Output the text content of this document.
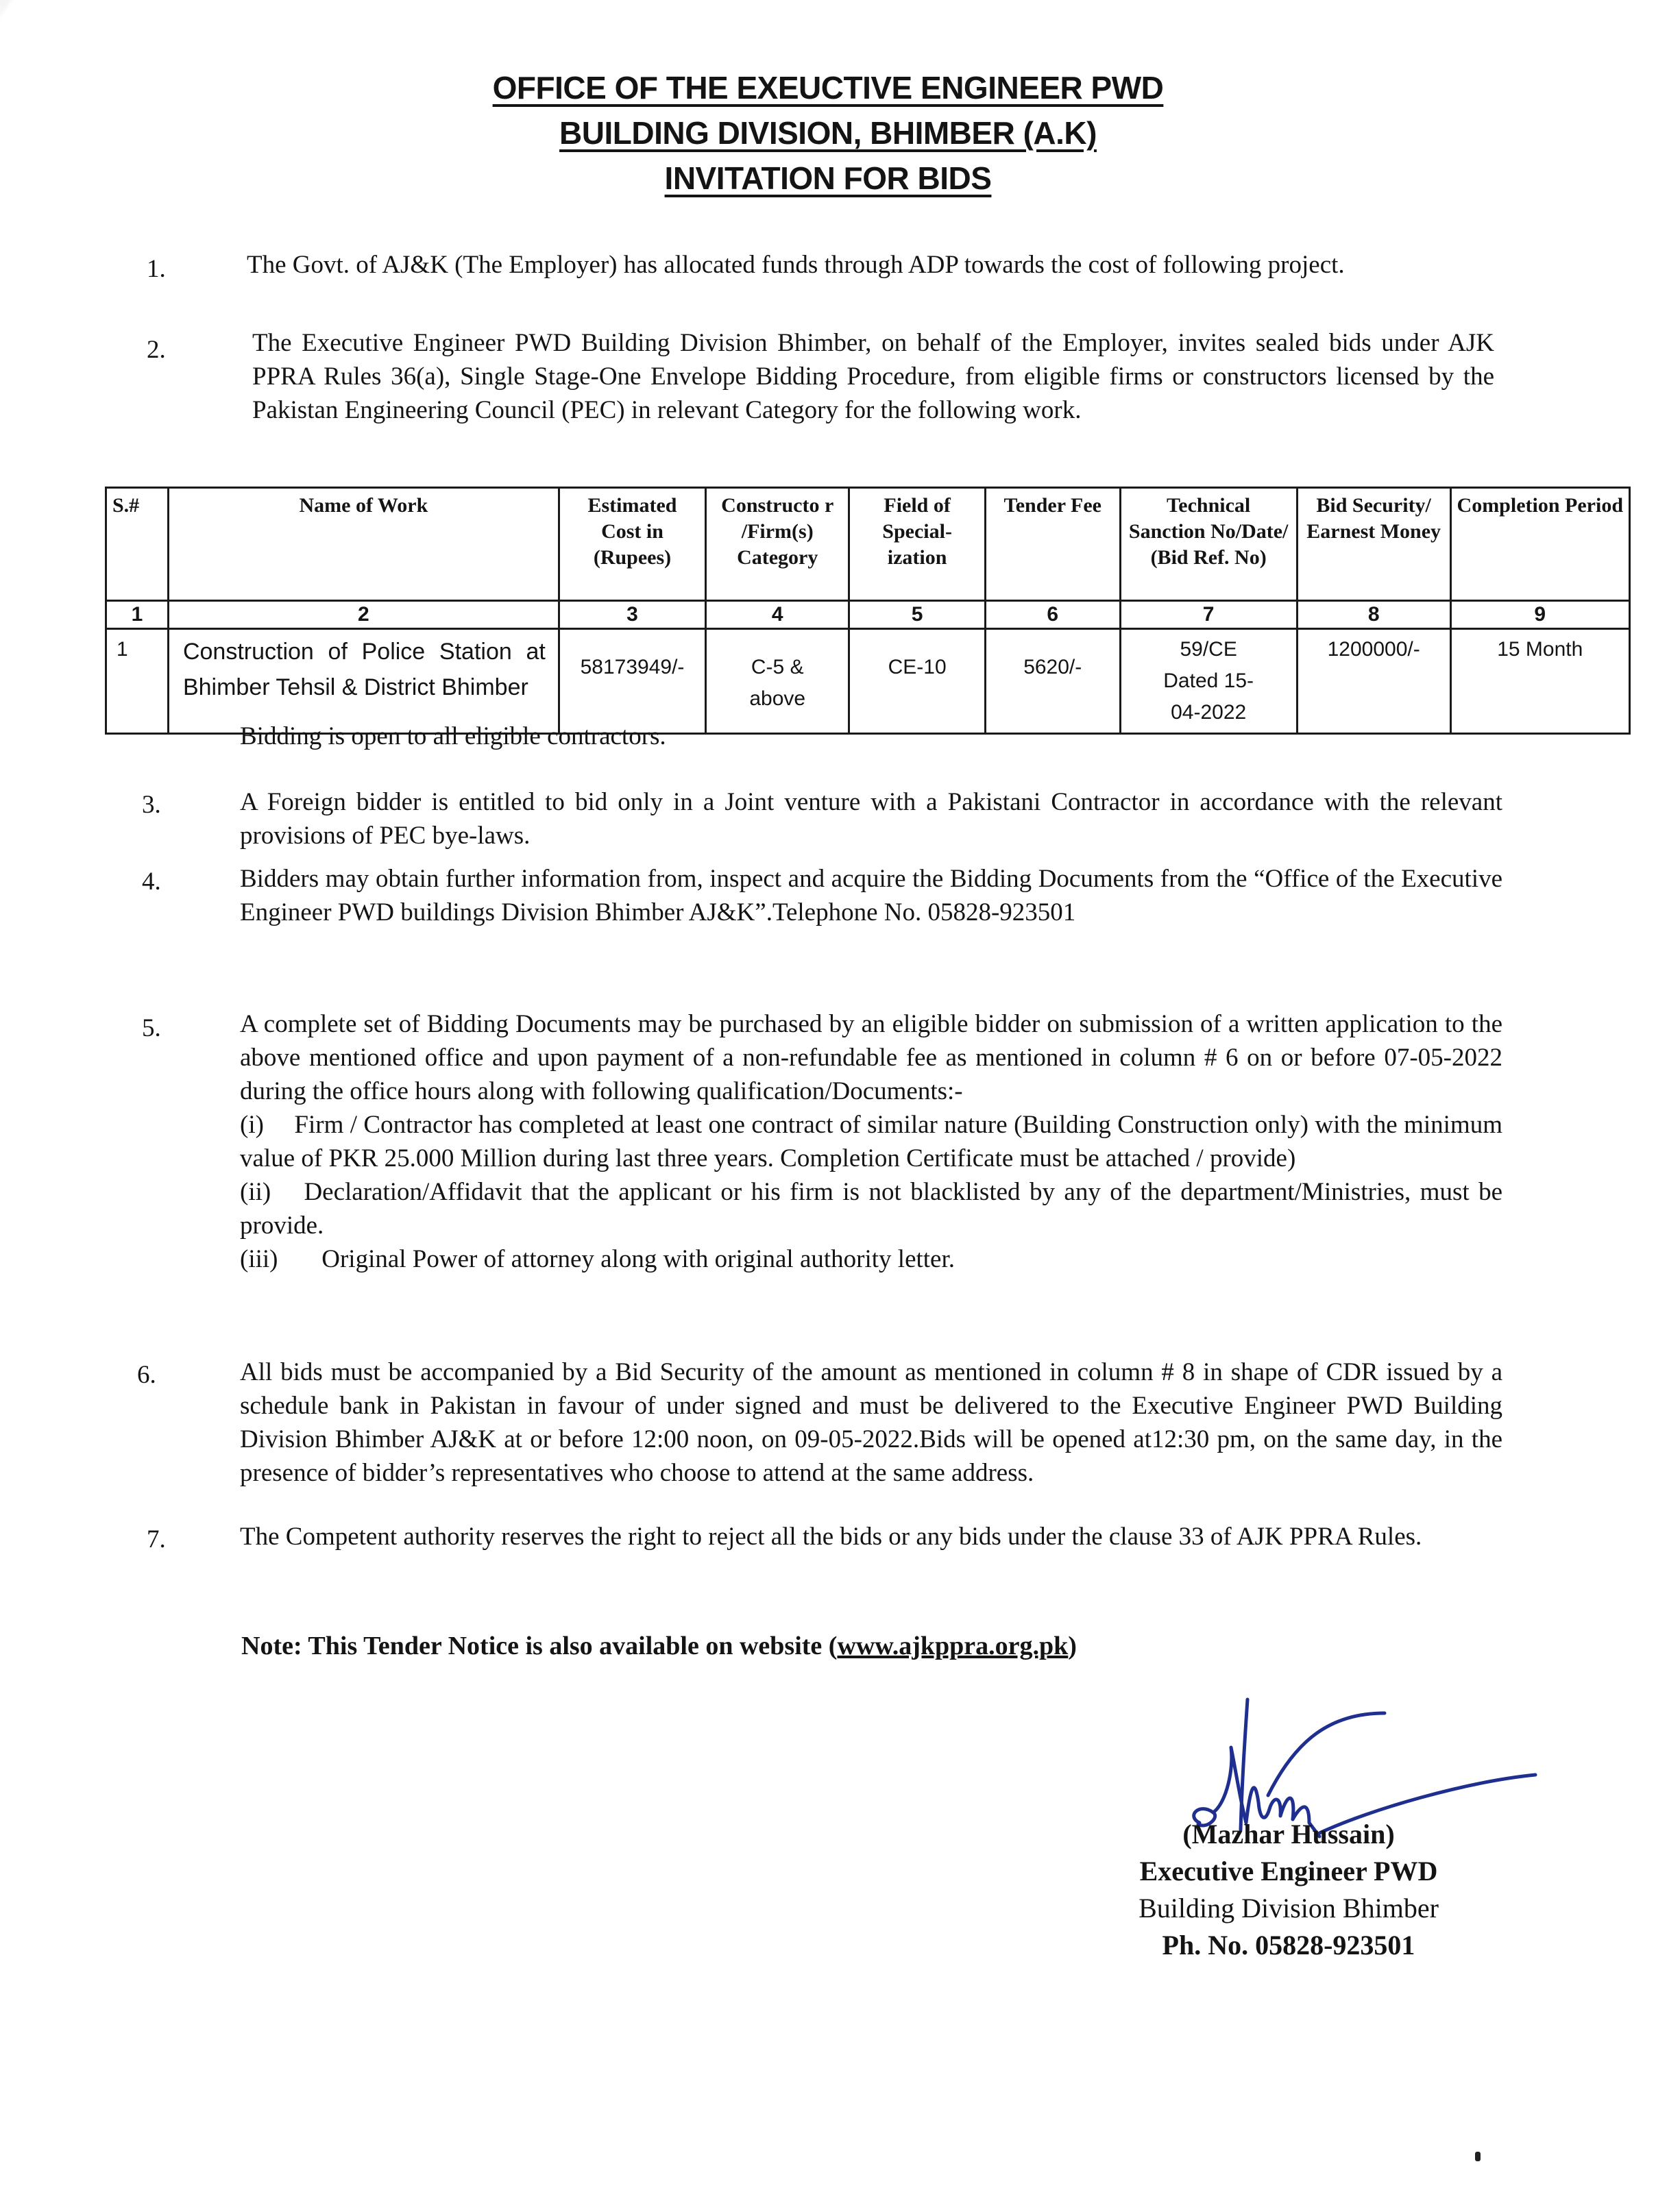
OFFICE OF THE EXEUCTIVE ENGINEER PWD
BUILDING DIVISION, BHIMBER (A.K)
INVITATION FOR BIDS
1.	The Govt. of AJ&K (The Employer) has allocated funds through ADP towards the cost of following project.
2.	The Executive Engineer PWD Building Division Bhimber, on behalf of the Employer, invites sealed bids under AJK PPRA Rules 36(a), Single Stage-One Envelope Bidding Procedure, from eligible firms or constructors licensed by the Pakistan Engineering Council (PEC) in relevant Category for the following work.
S.#	Name of Work	Estimated Cost in (Rupees)	Constructo r /Firm(s) Category	Field of Special- ization	Tender Fee	Technical Sanction No/Date/ (Bid Ref. No)	Bid Security/ Earnest Money	Completion Period
1	2	3	4	5	6	7	8	9
1	Construction of Police Station at Bhimber Tehsil & District Bhimber	58173949/-	C-5 & above	CE-10	5620/-	59/CE Dated 15-04-2022	1200000/-	15 Month
Bidding is open to all eligible contractors.
3.	A Foreign bidder is entitled to bid only in a Joint venture with a Pakistani Contractor in accordance with the relevant provisions of PEC bye-laws.
4.	Bidders may obtain further information from, inspect and acquire the Bidding Documents from the “Office of the Executive Engineer PWD buildings Division Bhimber AJ&K”.Telephone No. 05828-923501
5.	A complete set of Bidding Documents may be purchased by an eligible bidder on submission of a written application to the above mentioned office and upon payment of a non-refundable fee as mentioned in column # 6 on or before 07-05-2022 during the office hours along with following qualification/Documents:-
(i) Firm / Contractor has completed at least one contract of similar nature (Building Construction only) with the minimum value of PKR 25.000 Million during last three years. Completion Certificate must be attached / provide)
(ii) Declaration/Affidavit that the applicant or his firm is not blacklisted by any of the department/Ministries, must be provide.
(iii) Original Power of attorney along with original authority letter.
6.	All bids must be accompanied by a Bid Security of the amount as mentioned in column # 8 in shape of CDR issued by a schedule bank in Pakistan in favour of under signed and must be delivered to the Executive Engineer PWD Building Division Bhimber AJ&K at or before 12:00 noon, on 09-05-2022.Bids will be opened at12:30 pm, on the same day, in the presence of bidder’s representatives who choose to attend at the same address.
7.	The Competent authority reserves the right to reject all the bids or any bids under the clause 33 of AJK PPRA Rules.
Note: This Tender Notice is also available on website (www.ajkppra.org.pk)
(Mazhar Hussain)
Executive Engineer PWD
Building Division Bhimber
Ph. No. 05828-923501
